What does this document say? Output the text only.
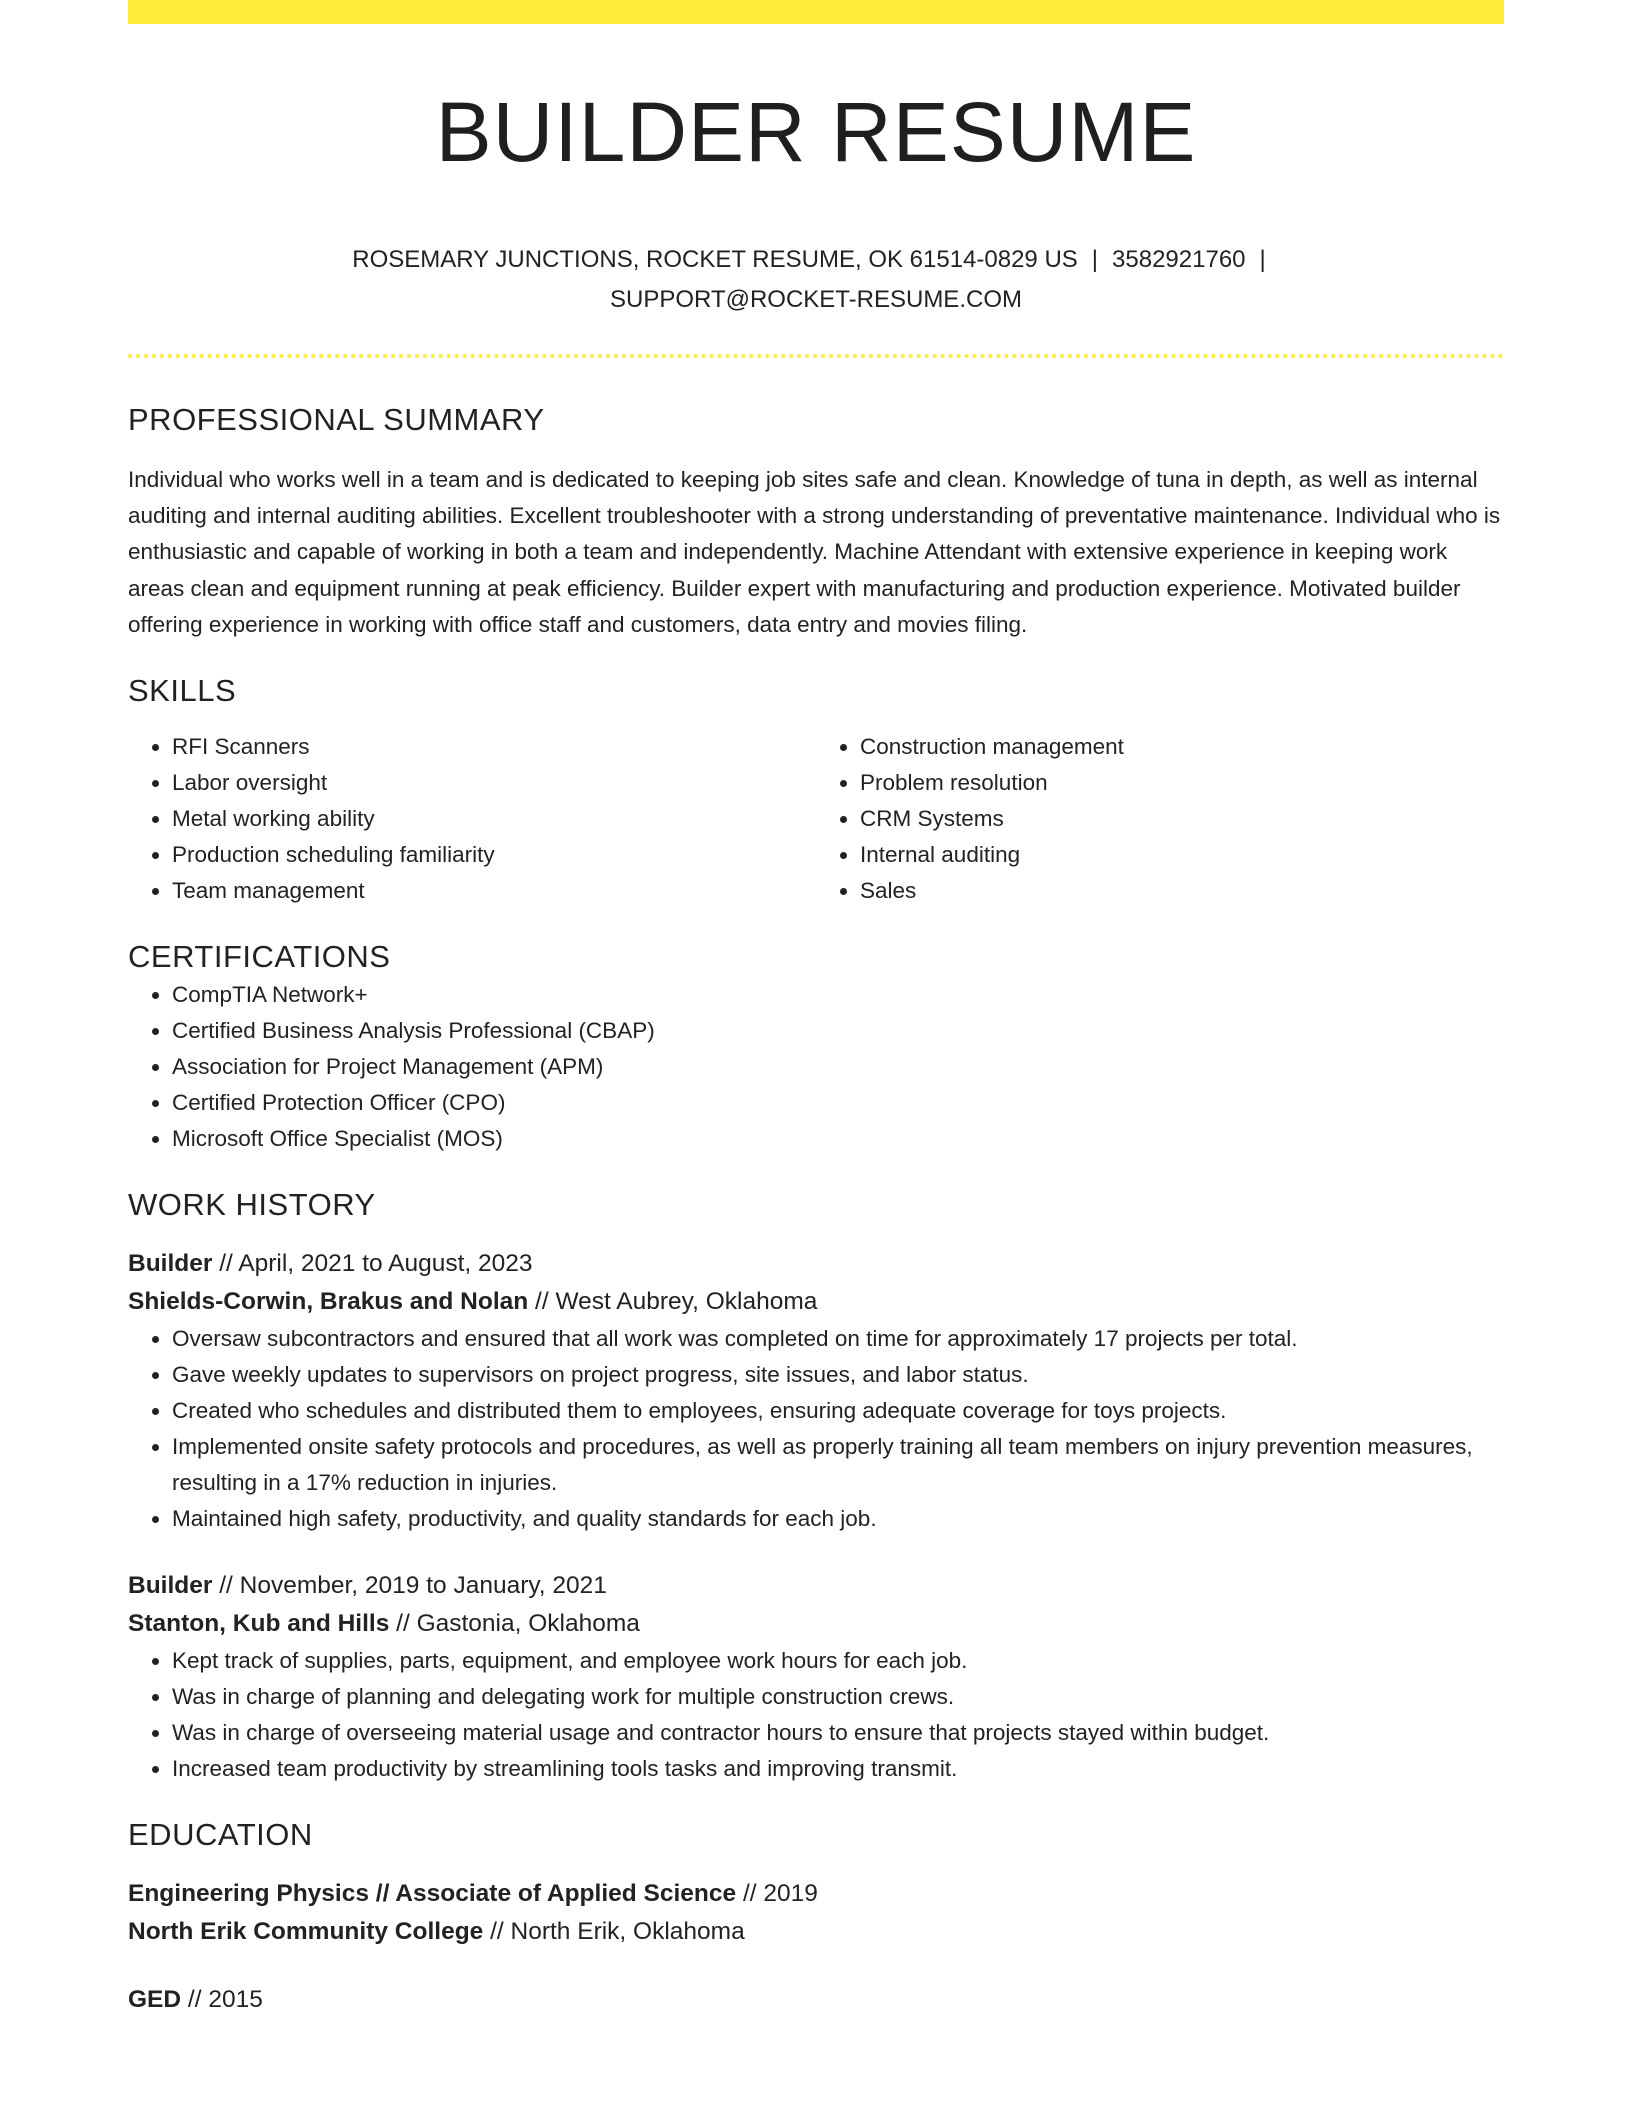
BUILDER RESUME
ROSEMARY JUNCTIONS, ROCKET RESUME, OK 61514-0829 US | 3582921760 |
SUPPORT@ROCKET-RESUME.COM
PROFESSIONAL SUMMARY

Individual who works well in a team and is dedicated to keeping job sites safe and clean. Knowledge of tuna in depth, as well as internal auditing and internal auditing abilities. Excellent troubleshooter with a strong understanding of preventative maintenance. Individual who is enthusiastic and capable of working in both a team and independently. Machine Attendant with extensive experience in keeping work areas clean and equipment running at peak efficiency. Builder expert with manufacturing and production experience. Motivated builder offering experience in working with office staff and customers, data entry and movies filing.

SKILLS
• RFI Scanners
• Labor oversight
• Metal working ability
• Production scheduling familiarity
• Team management
• Construction management
• Problem resolution
• CRM Systems
• Internal auditing
• Sales
CERTIFICATIONS
• CompTIA Network+
• Certified Business Analysis Professional (CBAP)
• Association for Project Management (APM)
• Certified Protection Officer (CPO)
• Microsoft Office Specialist (MOS)
WORK HISTORY
Builder // April, 2021 to August, 2023
Shields-Corwin, Brakus and Nolan // West Aubrey, Oklahoma
• Oversaw subcontractors and ensured that all work was completed on time for approximately 17 projects per total.
• Gave weekly updates to supervisors on project progress, site issues, and labor status.
• Created who schedules and distributed them to employees, ensuring adequate coverage for toys projects.
• Implemented onsite safety protocols and procedures, as well as properly training all team members on injury prevention measures, resulting in a 17% reduction in injuries.
• Maintained high safety, productivity, and quality standards for each job.
Builder // November, 2019 to January, 2021
Stanton, Kub and Hills // Gastonia, Oklahoma
• Kept track of supplies, parts, equipment, and employee work hours for each job.
• Was in charge of planning and delegating work for multiple construction crews.
• Was in charge of overseeing material usage and contractor hours to ensure that projects stayed within budget.
• Increased team productivity by streamlining tools tasks and improving transmit.
EDUCATION
Engineering Physics // Associate of Applied Science // 2019
North Erik Community College // North Erik, Oklahoma
GED // 2015
